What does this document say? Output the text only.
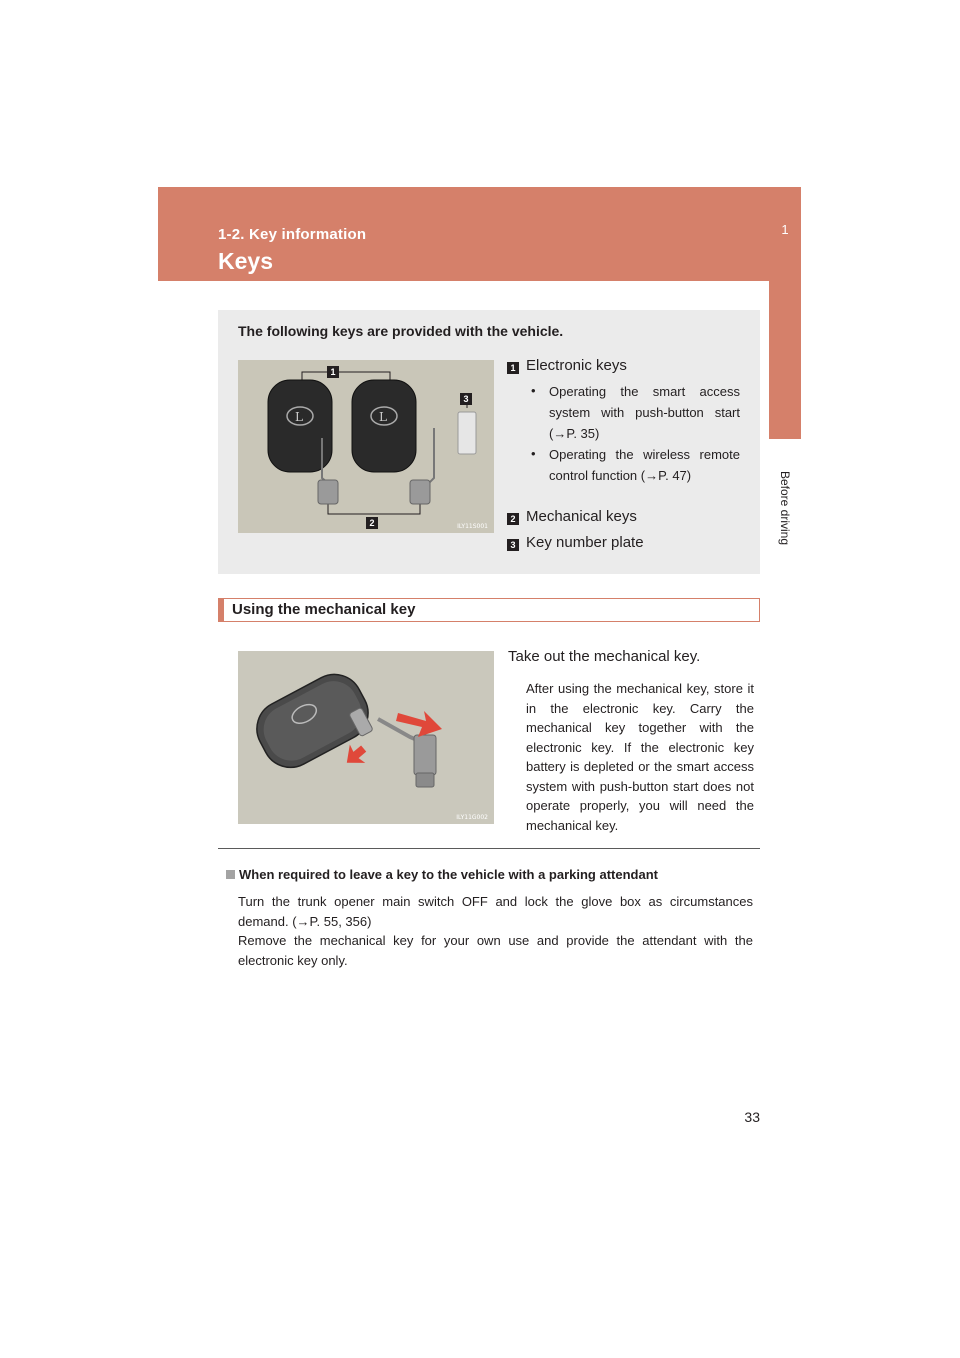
1-2. Key information
Keys
1
Before driving
The following keys are provided with the vehicle.
L	L
ILY11S001
1
3
2
1 Electronic keys
• Operating the smart access system with push-button start (→P. 35)
• Operating the wireless remote control function (→P. 47)
2 Mechanical keys
3 Key number plate
Using the mechanical key
ILY11G002
Take out the mechanical key.
After using the mechanical key, store it in the electronic key. Carry the mechanical key together with the electronic key. If the electronic key battery is depleted or the smart access system with push-button start does not operate properly, you will need the mechanical key.
When required to leave a key to the vehicle with a parking attendant
Turn the trunk opener main switch OFF and lock the glove box as circumstances demand. (→P. 55, 356)
Remove the mechanical key for your own use and provide the attendant with the electronic key only.
33
